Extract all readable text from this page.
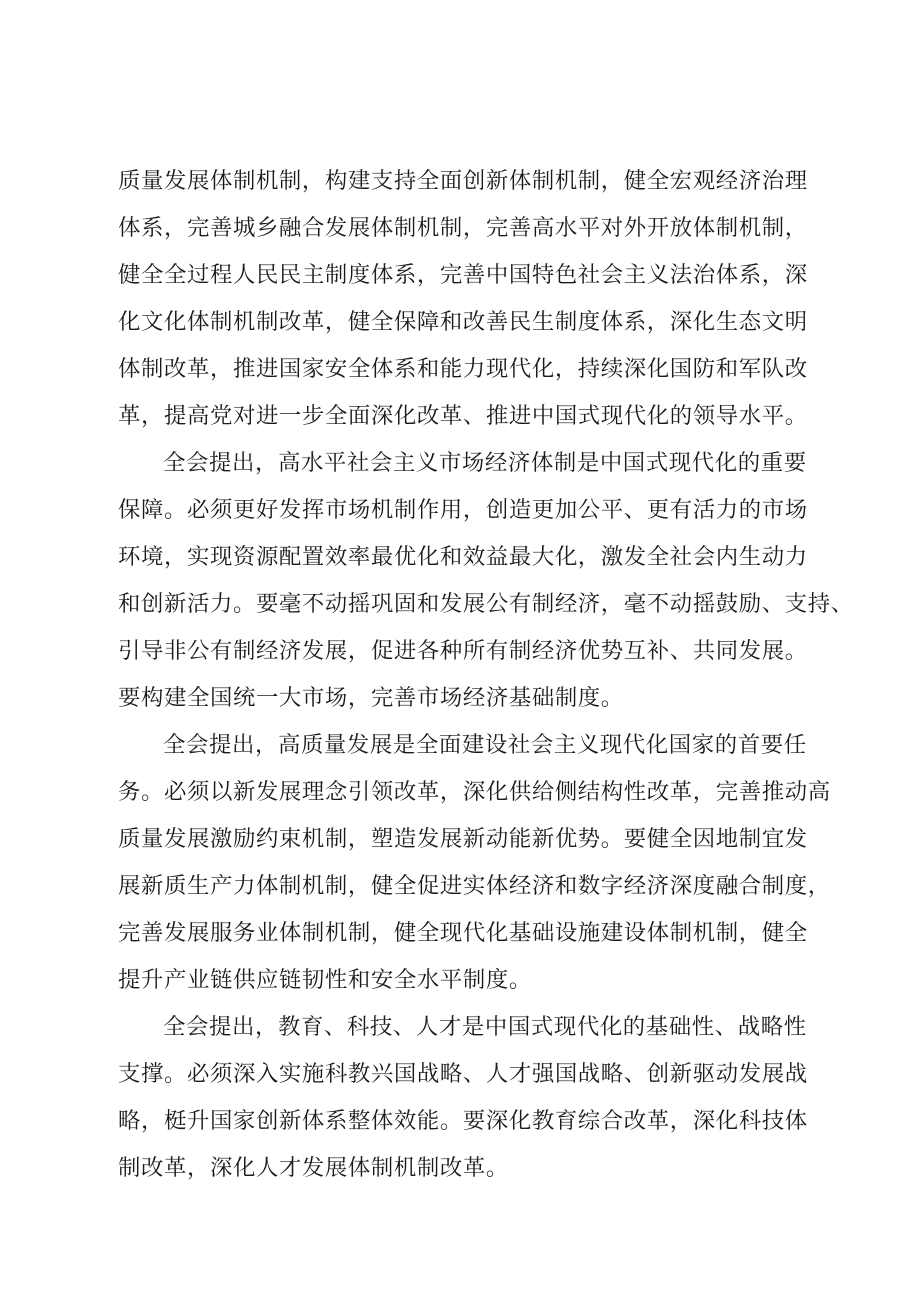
质量发展体制机制，构建支持全面创新体制机制，健全宏观经济治理
体系，完善城乡融合发展体制机制，完善高水平对外开放体制机制，
健全全过程人民民主制度体系，完善中国特色社会主义法治体系，深
化文化体制机制改革，健全保障和改善民生制度体系，深化生态文明
体制改革，推进国家安全体系和能力现代化，持续深化国防和军队改
革，提高党对进一步全面深化改革、推进中国式现代化的领导水平。
全会提出，高水平社会主义市场经济体制是中国式现代化的重要
保障。必须更好发挥市场机制作用，创造更加公平、更有活力的市场
环境，实现资源配置效率最优化和效益最大化，激发全社会内生动力
和创新活力。要毫不动摇巩固和发展公有制经济，毫不动摇鼓励、支持、
引导非公有制经济发展，促进各种所有制经济优势互补、共同发展。
要构建全国统一大市场，完善市场经济基础制度。
全会提出，高质量发展是全面建设社会主义现代化国家的首要任
务。必须以新发展理念引领改革，深化供给侧结构性改革，完善推动高
质量发展激励约束机制，塑造发展新动能新优势。要健全因地制宜发
展新质生产力体制机制，健全促进实体经济和数字经济深度融合制度，
完善发展服务业体制机制，健全现代化基础设施建设体制机制，健全
提升产业链供应链韧性和安全水平制度。
全会提出，教育、科技、人才是中国式现代化的基础性、战略性
支撑。必须深入实施科教兴国战略、人才强国战略、创新驱动发展战
略，梃升国家创新体系整体效能。要深化教育综合改革，深化科技体
制改革，深化人才发展体制机制改革。
